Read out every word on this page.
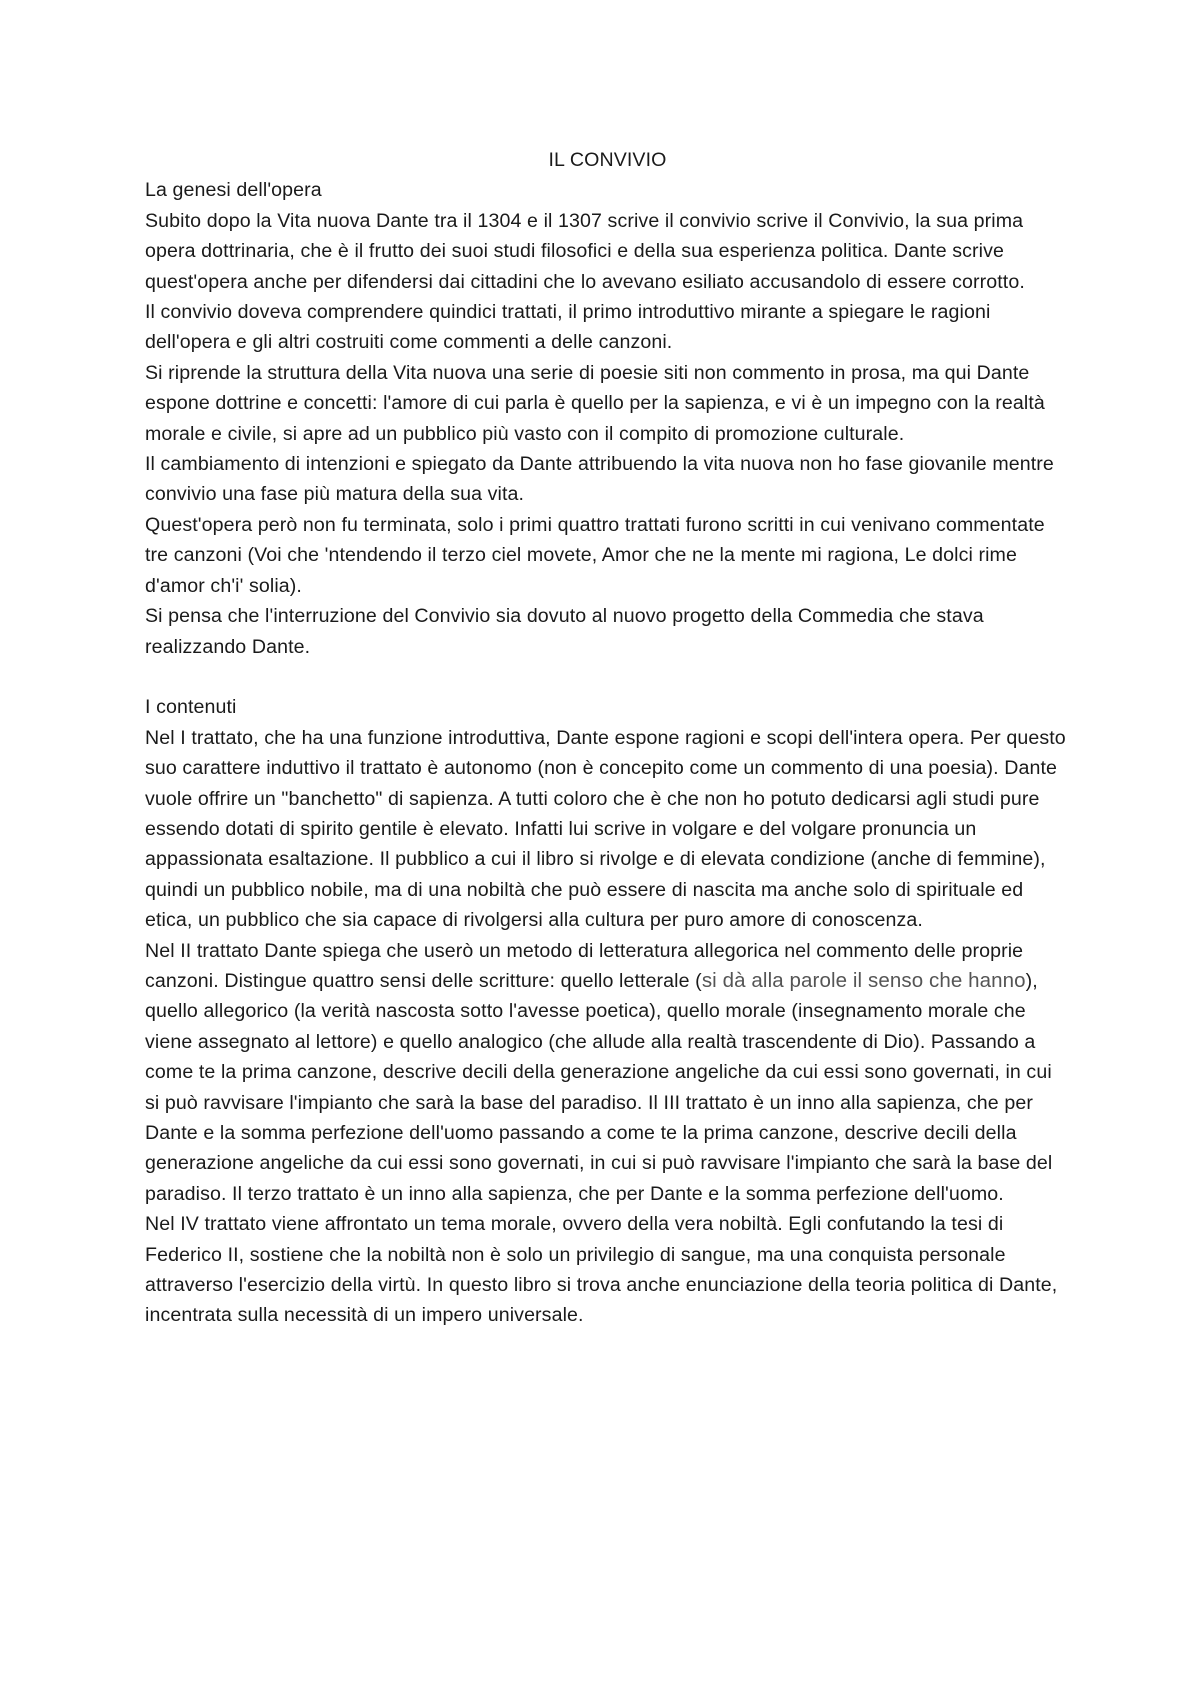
IL CONVIVIO

La genesi dell'opera

Subito dopo la Vita nuova Dante tra il 1304 e il 1307 scrive il convivio scrive il Convivio, la sua prima opera dottrinaria, che è il frutto dei suoi studi filosofici e della sua esperienza politica. Dante scrive quest'opera anche per difendersi dai cittadini che lo avevano esiliato accusandolo di essere corrotto.

Il convivio doveva comprendere quindici trattati, il primo introduttivo mirante a spiegare le ragioni dell'opera e gli altri costruiti come commenti a delle canzoni.

Si riprende la struttura della Vita nuova una serie di poesie siti non commento in prosa, ma qui Dante espone dottrine e concetti: l'amore di cui parla è quello per la sapienza, e vi è un impegno con la realtà morale e civile, si apre ad un pubblico più vasto con il compito di promozione culturale.

Il cambiamento di intenzioni e spiegato da Dante attribuendo la vita nuova non ho fase giovanile mentre convivio una fase più matura della sua vita.

Quest'opera però non fu terminata, solo i primi quattro trattati furono scritti in cui venivano commentate tre canzoni (Voi che 'ntendendo il terzo ciel movete, Amor che ne la mente mi ragiona, Le dolci rime d'amor ch'i' solia).

Si pensa che l'interruzione del Convivio sia dovuto al nuovo progetto della Commedia che stava realizzando Dante.

I contenuti

Nel I trattato, che ha una funzione introduttiva, Dante espone ragioni e scopi dell'intera opera. Per questo suo carattere induttivo il trattato è autonomo (non è concepito come un commento di una poesia). Dante vuole offrire un "banchetto" di sapienza. A tutti coloro che è che non ho potuto dedicarsi agli studi pure essendo dotati di spirito gentile è elevato. Infatti lui scrive in volgare e del volgare pronuncia un appassionata esaltazione. Il pubblico a cui il libro si rivolge e di elevata condizione (anche di femmine), quindi un pubblico nobile, ma di una nobiltà che può essere di nascita ma anche solo di spirituale ed etica, un pubblico che sia capace di rivolgersi alla cultura per puro amore di conoscenza.

Nel II trattato Dante spiega che userò un metodo di letteratura allegorica nel commento delle proprie canzoni. Distingue quattro sensi delle scritture: quello letterale (si dà alla parole il senso che hanno), quello allegorico (la verità nascosta sotto l'avesse poetica), quello morale (insegnamento morale che viene assegnato al lettore) e quello analogico (che allude alla realtà trascendente di Dio). Passando a come te la prima canzone, descrive decili della generazione angeliche da cui essi sono governati, in cui si può ravvisare l'impianto che sarà la base del paradiso. Il III trattato è un inno alla sapienza, che per Dante e la somma perfezione dell'uomo passando a come te la prima canzone, descrive decili della generazione angeliche da cui essi sono governati, in cui si può ravvisare l'impianto che sarà la base del paradiso. Il terzo trattato è un inno alla sapienza, che per Dante e la somma perfezione dell'uomo.

Nel IV trattato viene affrontato un tema morale, ovvero della vera nobiltà. Egli confutando la tesi di Federico II, sostiene che la nobiltà non è solo un privilegio di sangue, ma una conquista personale attraverso l'esercizio della virtù. In questo libro si trova anche enunciazione della teoria politica di Dante, incentrata sulla necessità di un impero universale.
